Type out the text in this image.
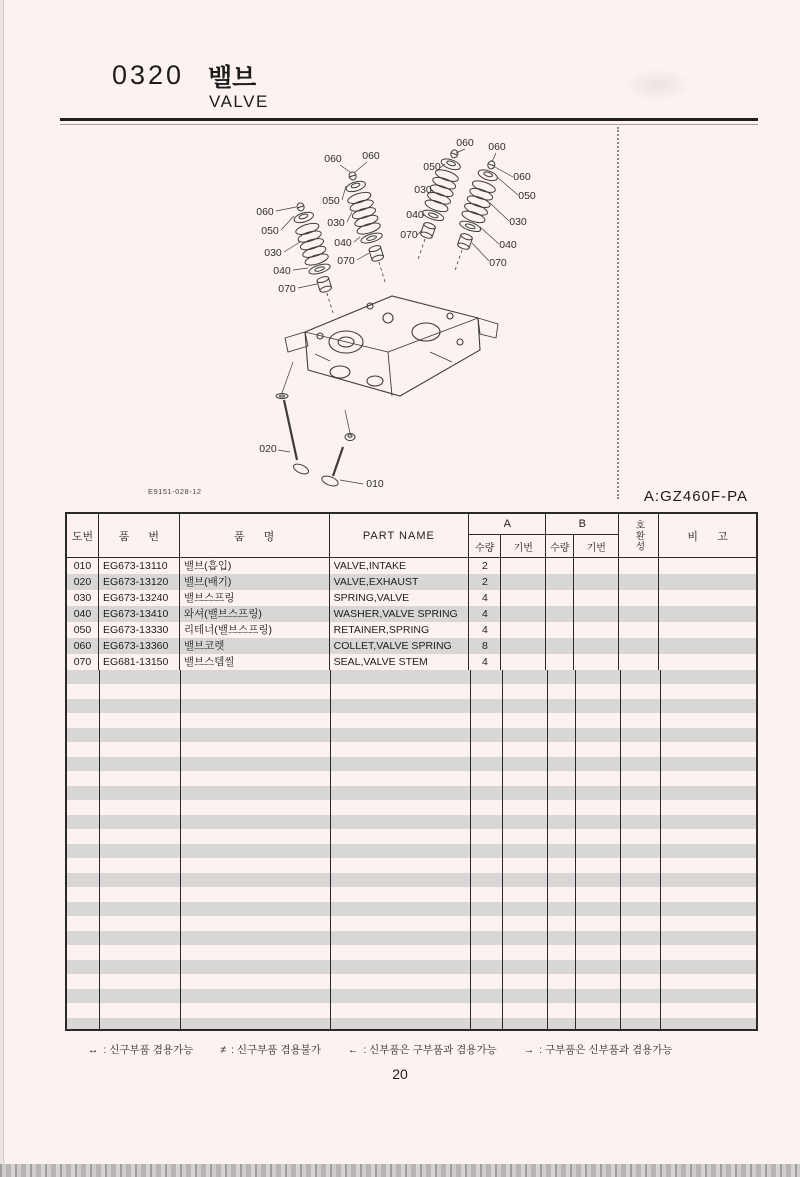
0320 밸브
VALVE
A:GZ460F-PA
060
050
030
040
070
060 060
050
030
040
070
060 060
050
030
040
070
060
050
030
040
070
020
010
E9151-028-12
도번	품 번	품 명	PART NAME
A
수량	기번
B
수량	기번	호환성	비 고
010	EG673-13110	밸브(흡입)	VALVE,INTAKE	2
020	EG673-13120	밸브(배기)	VALVE,EXHAUST	2
030	EG673-13240	밸브스프링	SPRING,VALVE	4
040	EG673-13410	와셔(밸브스프링)	WASHER,VALVE SPRING	4
050	EG673-13330	리테너(밸브스프링)	RETAINER,SPRING	4
060	EG673-13360	밸브코렛	COLLET,VALVE SPRING	8
070	EG681-13150	밸브스템씰	SEAL,VALVE STEM	4
↔ : 신구부품 겸용가능	≠ : 신구부품 겸용불가	← : 신부품은 구부품과 겸용가능	→ : 구부품은 신부품과 겸용가능
20
